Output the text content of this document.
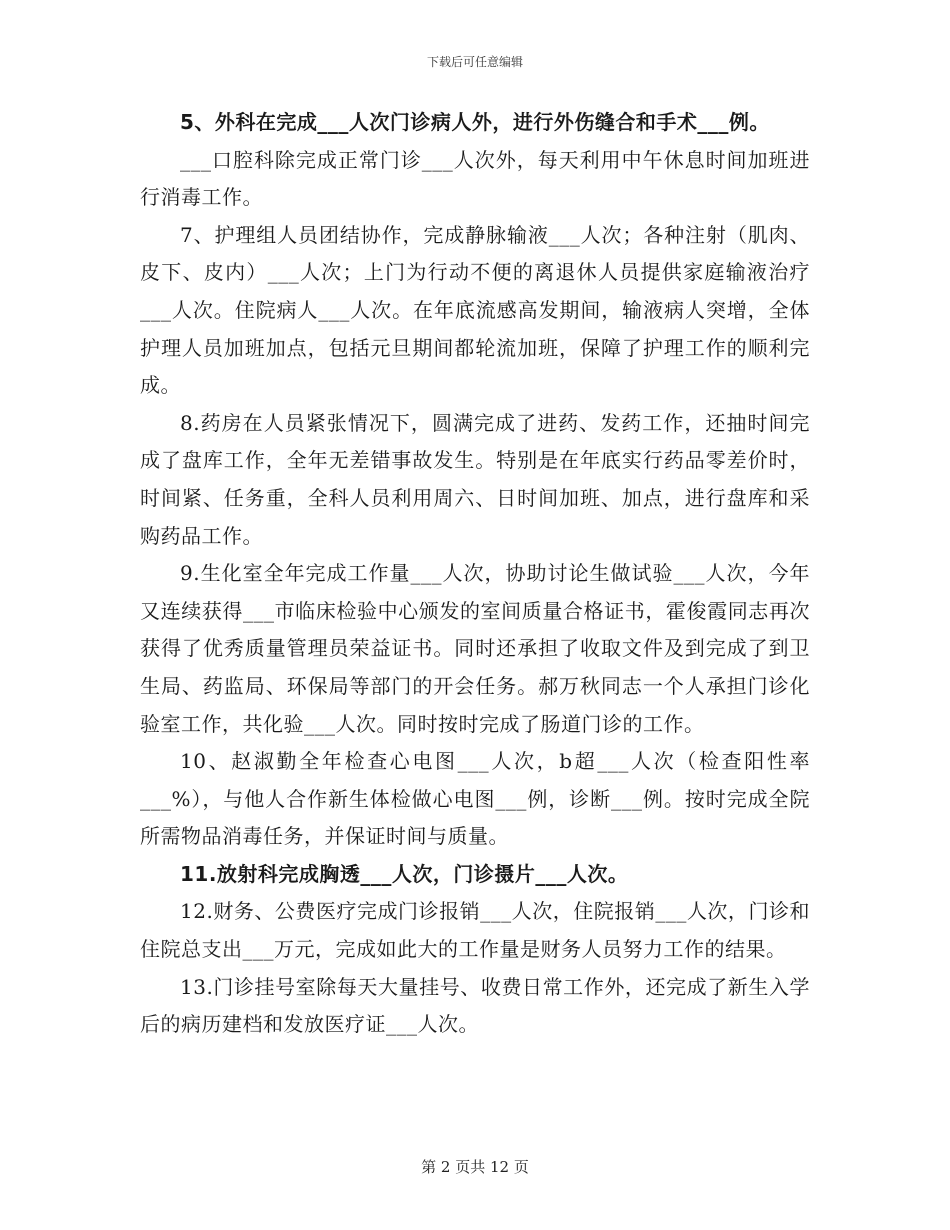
下载后可任意编辑

5、外科在完成___人次门诊病人外，进行外伤缝合和手术___例。

___口腔科除完成正常门诊___人次外，每天利用中午休息时间加班进行消毒工作。

7、护理组人员团结协作，完成静脉输液___人次；各种注射（肌肉、皮下、皮内）___人次；上门为行动不便的离退休人员提供家庭输液治疗___人次。住院病人___人次。在年底流感高发期间，输液病人突增，全体护理人员加班加点，包括元旦期间都轮流加班，保障了护理工作的顺利完成。

8.药房在人员紧张情况下，圆满完成了进药、发药工作，还抽时间完成了盘库工作，全年无差错事故发生。特别是在年底实行药品零差价时，时间紧、任务重，全科人员利用周六、日时间加班、加点，进行盘库和采购药品工作。

9.生化室全年完成工作量___人次，协助讨论生做试验___人次，今年又连续获得___市临床检验中心颁发的室间质量合格证书，霍俊霞同志再次获得了优秀质量管理员荣益证书。同时还承担了收取文件及到完成了到卫生局、药监局、环保局等部门的开会任务。郝万秋同志一个人承担门诊化验室工作，共化验___人次。同时按时完成了肠道门诊的工作。

10、赵淑勤全年检查心电图___人次，b超___人次（检查阳性率___%），与他人合作新生体检做心电图___例，诊断___例。按时完成全院所需物品消毒任务，并保证时间与质量。

11.放射科完成胸透___人次，门诊摄片___人次。

12.财务、公费医疗完成门诊报销___人次，住院报销___人次，门诊和住院总支出___万元，完成如此大的工作量是财务人员努力工作的结果。

13.门诊挂号室除每天大量挂号、收费日常工作外，还完成了新生入学后的病历建档和发放医疗证___人次。

第 2 页共 12 页
